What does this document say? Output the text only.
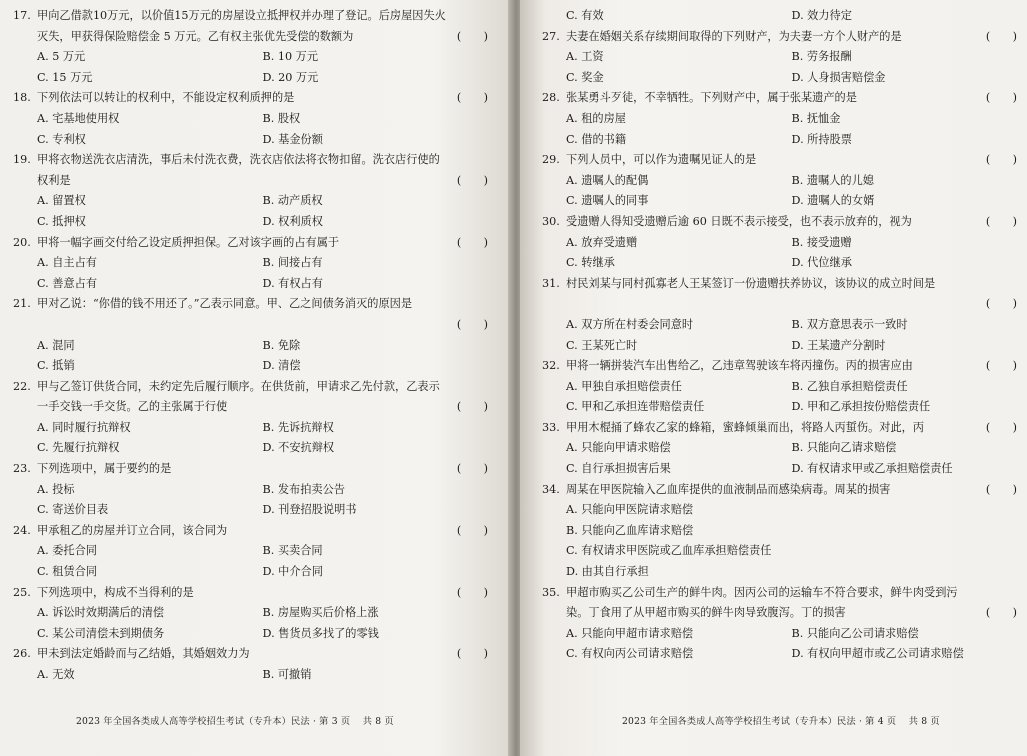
17. 甲向乙借款10万元，以价值15万元的房屋设立抵押权并办理了登记。后房屋因失火灭失，甲获得保险赔偿金 5 万元。乙有权主张优先受偿的数额为	(　　)
A. 5 万元	B. 10 万元
C. 15 万元	D. 20 万元
18. 下列依法可以转让的权利中，不能设定权利质押的是	(　　)
A. 宅基地使用权	B. 股权
C. 专利权	D. 基金份额
19. 甲将衣物送洗衣店清洗，事后未付洗衣费，洗衣店依法将衣物扣留。洗衣店行使的权利是	(　　)
A. 留置权	B. 动产质权
C. 抵押权	D. 权利质权
20. 甲将一幅字画交付给乙设定质押担保。乙对该字画的占有属于	(　　)
A. 自主占有	B. 间接占有
C. 善意占有	D. 有权占有
21. 甲对乙说：“你借的钱不用还了。”乙表示同意。甲、乙之间债务消灭的原因是
(　　)
A. 混同	B. 免除
C. 抵销	D. 清偿
22. 甲与乙签订供货合同，未约定先后履行顺序。在供货前，甲请求乙先付款，乙表示一手交钱一手交货。乙的主张属于行使	(　　)
A. 同时履行抗辩权	B. 先诉抗辩权
C. 先履行抗辩权	D. 不安抗辩权
23. 下列选项中，属于要约的是	(　　)
A. 投标	B. 发布拍卖公告
C. 寄送价目表	D. 刊登招股说明书
24. 甲承租乙的房屋并订立合同，该合同为	(　　)
A. 委托合同	B. 买卖合同
C. 租赁合同	D. 中介合同
25. 下列选项中，构成不当得利的是	(　　)
A. 诉讼时效期满后的清偿	B. 房屋购买后价格上涨
C. 某公司清偿未到期债务	D. 售货员多找了的零钱
26. 甲未到法定婚龄而与乙结婚，其婚姻效力为	(　　)
A. 无效	B. 可撤销
2023 年全国各类成人高等学校招生考试（专升本）民法 · 第 3 页　 共 8 页
C. 有效	D. 效力待定
27. 夫妻在婚姻关系存续期间取得的下列财产，为夫妻一方个人财产的是	(　　)
A. 工资	B. 劳务报酬
C. 奖金	D. 人身损害赔偿金
28. 张某勇斗歹徒，不幸牺牲。下列财产中，属于张某遗产的是	(　　)
A. 租的房屋	B. 抚恤金
C. 借的书籍	D. 所持股票
29. 下列人员中，可以作为遗嘱见证人的是	(　　)
A. 遗嘱人的配偶	B. 遗嘱人的儿媳
C. 遗嘱人的同事	D. 遗嘱人的女婿
30. 受遗赠人得知受遗赠后逾 60 日既不表示接受，也不表示放弃的，视为	(　　)
A. 放弃受遗赠	B. 接受遗赠
C. 转继承	D. 代位继承
31. 村民刘某与同村孤寡老人王某签订一份遗赠扶养协议，该协议的成立时间是
(　　)
A. 双方所在村委会同意时	B. 双方意思表示一致时
C. 王某死亡时	D. 王某遗产分割时
32. 甲将一辆拼装汽车出售给乙，乙违章驾驶该车将丙撞伤。丙的损害应由	(　　)
A. 甲独自承担赔偿责任	B. 乙独自承担赔偿责任
C. 甲和乙承担连带赔偿责任	D. 甲和乙承担按份赔偿责任
33. 甲用木棍捅了蜂农乙家的蜂箱，蜜蜂倾巢而出，将路人丙蜇伤。对此，丙	(　　)
A. 只能向甲请求赔偿	B. 只能向乙请求赔偿
C. 自行承担损害后果	D. 有权请求甲或乙承担赔偿责任
34. 周某在甲医院输入乙血库提供的血液制品而感染病毒。周某的损害	(　　)
A. 只能向甲医院请求赔偿
B. 只能向乙血库请求赔偿
C. 有权请求甲医院或乙血库承担赔偿责任
D. 由其自行承担
35. 甲超市购买乙公司生产的鲜牛肉。因丙公司的运输车不符合要求，鲜牛肉受到污染。丁食用了从甲超市购买的鲜牛肉导致腹泻。丁的损害	(　　)
A. 只能向甲超市请求赔偿	B. 只能向乙公司请求赔偿
C. 有权向丙公司请求赔偿	D. 有权向甲超市或乙公司请求赔偿
2023 年全国各类成人高等学校招生考试（专升本）民法 · 第 4 页　 共 8 页
